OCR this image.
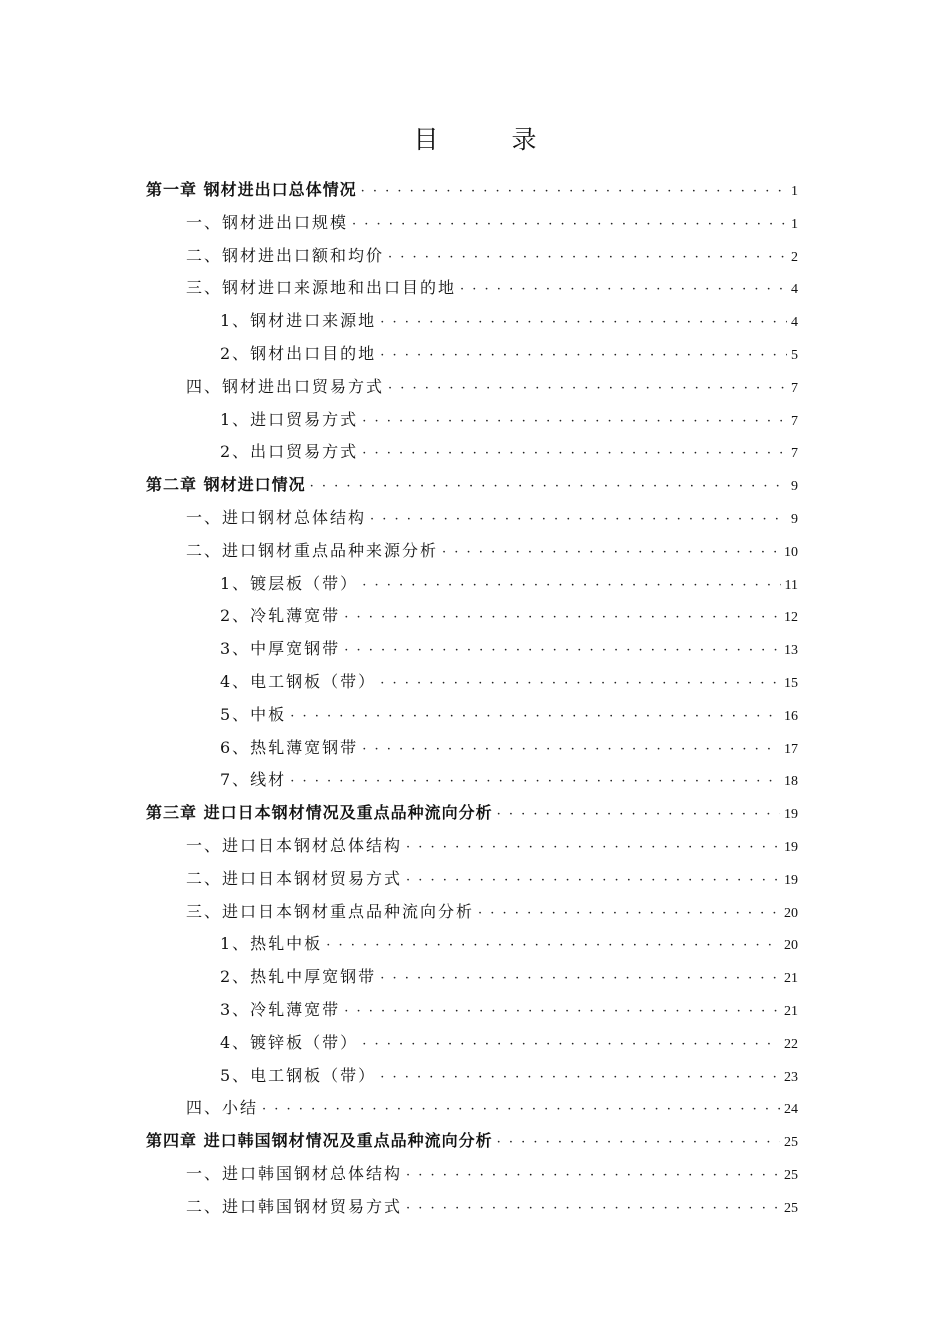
目　录
第一章 钢材进出口总体情况 · · ·	1
一、钢材进出口规模 · · ·	1
二、钢材进出口额和均价 · · ·	2
三、钢材进口来源地和出口目的地 · · ·	4
1、钢材进口来源地 · · ·	4
2、钢材出口目的地 · · ·	5
四、钢材进出口贸易方式 · · ·	7
1、进口贸易方式 · · ·	7
2、出口贸易方式 · · ·	7
第二章 钢材进口情况 · · ·	9
一、进口钢材总体结构 · · ·	9
二、进口钢材重点品种来源分析 · · ·	10
1、镀层板（带） · · ·	11
2、冷轧薄宽带 · · ·	12
3、中厚宽钢带 · · ·	13
4、电工钢板（带） · · ·	15
5、中板 · · ·	16
6、热轧薄宽钢带 · · ·	17
7、线材 · · ·	18
第三章 进口日本钢材情况及重点品种流向分析 · · ·	19
一、进口日本钢材总体结构 · · ·	19
二、进口日本钢材贸易方式 · · ·	19
三、进口日本钢材重点品种流向分析 · · ·	20
1、热轧中板 · · ·	20
2、热轧中厚宽钢带 · · ·	21
3、冷轧薄宽带 · · ·	21
4、镀锌板（带） · · ·	22
5、电工钢板（带） · · ·	23
四、小结 · · ·	24
第四章 进口韩国钢材情况及重点品种流向分析 · · ·	25
一、进口韩国钢材总体结构 · · ·	25
二、进口韩国钢材贸易方式 · · ·	25
